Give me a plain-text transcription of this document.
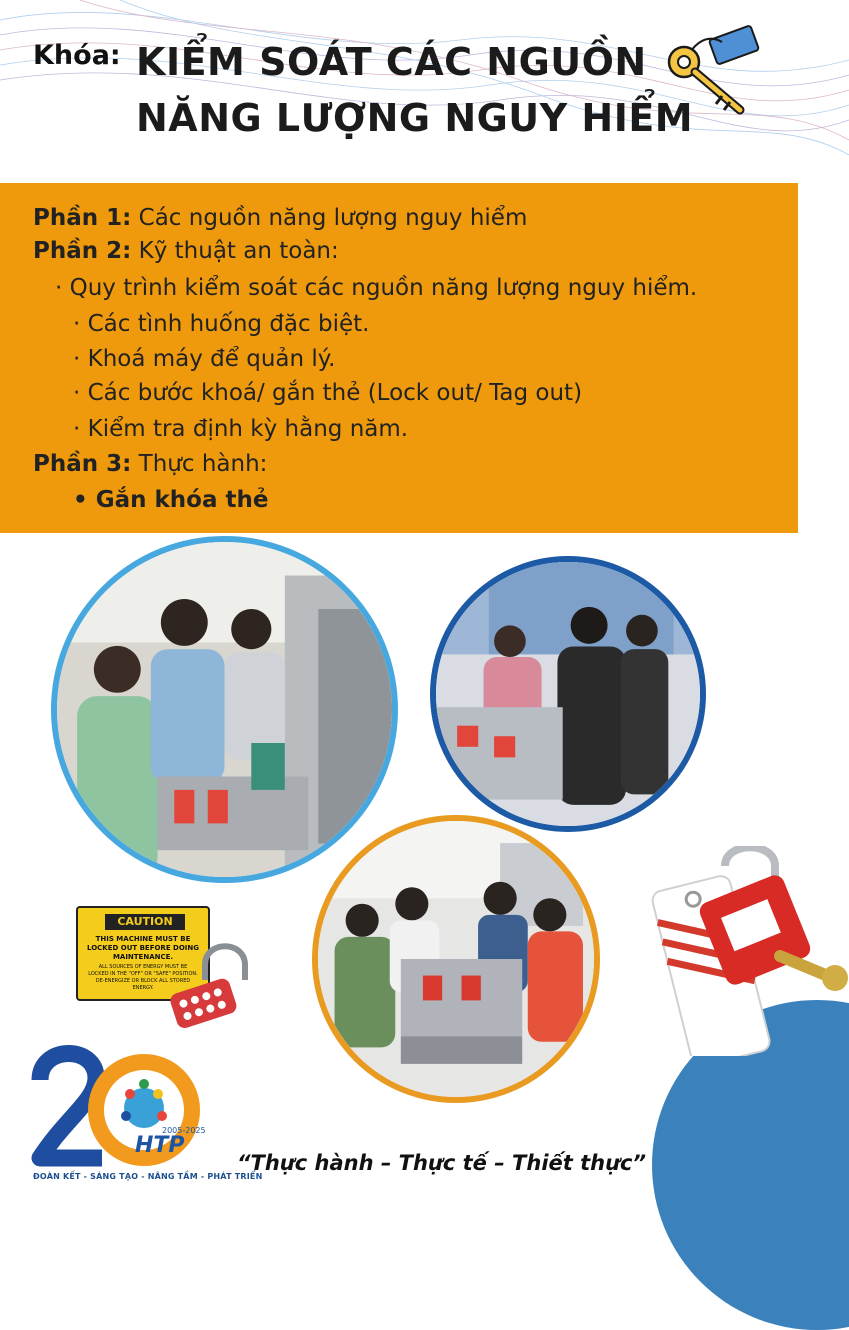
Khóa: KIỂM SOÁT CÁC NGUỒN
NĂNG LƯỢNG NGUY HIỂM
Phần 1: Các nguồn năng lượng nguy hiểm
Phần 2: Kỹ thuật an toàn:
· Quy trình kiểm soát các nguồn năng lượng nguy hiểm.
· Các tình huống đặc biệt.
· Khoá máy để quản lý.
· Các bước khoá/ gắn thẻ (Lock out/ Tag out)
· Kiểm tra định kỳ hằng năm.
Phần 3: Thực hành:
• Gắn khóa thẻ
CAUTION
THIS MACHINE MUST BE LOCKED OUT BEFORE DOING MAINTENANCE.
ALL SOURCES OF ENERGY MUST BE LOCKED IN THE "OFF" OR "SAFE" POSITION. DE-ENERGIZE OR BLOCK ALL STORED ENERGY.
2005-2025
HTP
ĐOÀN KẾT - SÁNG TẠO - NÂNG TẦM - PHÁT TRIỂN
“Thực hành – Thực tế – Thiết thực”
